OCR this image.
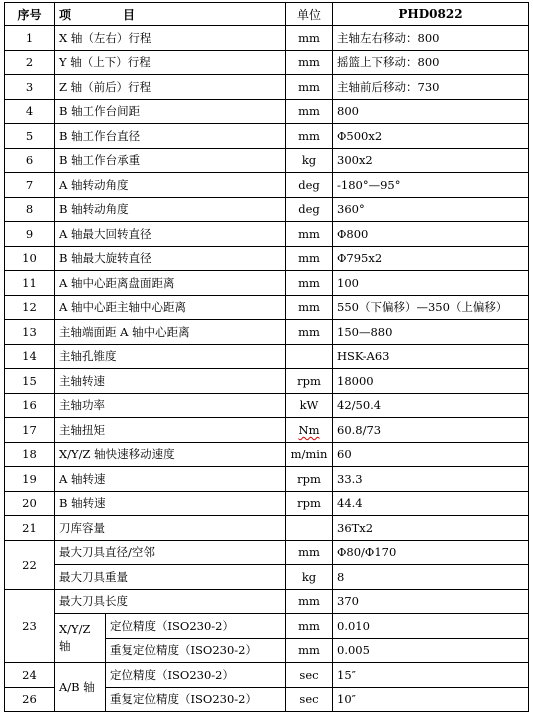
序号	项 目		单位	PHD0822
1	X 轴（左右）行程		mm	主轴左右移动：800
2	Y 轴（上下）行程		mm	摇篮上下移动：800
3	Z 轴（前后）行程		mm	主轴前后移动：730
4	B 轴工作台间距		mm	800
5	B 轴工作台直径		mm	Φ500x2
6	B 轴工作台承重		kg	300x2
7	A 轴转动角度		deg	-180°—95°
8	B 轴转动角度		deg	360°
9	A 轴最大回转直径		mm	Φ800
10	B 轴最大旋转直径		mm	Φ795x2
11	A 轴中心距离盘面距离		mm	100
12	A 轴中心距主轴中心距离		mm	550（下偏移）—350（上偏移）
13	主轴端面距 A 轴中心距离		mm	150—880
14	主轴孔锥度			HSK-A63
15	主轴转速		rpm	18000
16	主轴功率		kW	42/50.4
17	主轴扭矩		Nm	60.8/73
18	X/Y/Z 轴快速移动速度		m/min	60
19	A 轴转速		rpm	33.3
20	B 轴转速		rpm	44.4
21	刀库容量			36Tx2
22	最大刀具直径/空邻		mm	Φ80/Φ170
	最大刀具重量		kg	8
23	最大刀具长度		mm	370
	X/Y/Z 轴	定位精度（ISO230-2）	mm	0.010
		重复定位精度（ISO230-2）	mm	0.005
24	A/B 轴	定位精度（ISO230-2）	sec	15″
26		重复定位精度（ISO230-2）	sec	10″
